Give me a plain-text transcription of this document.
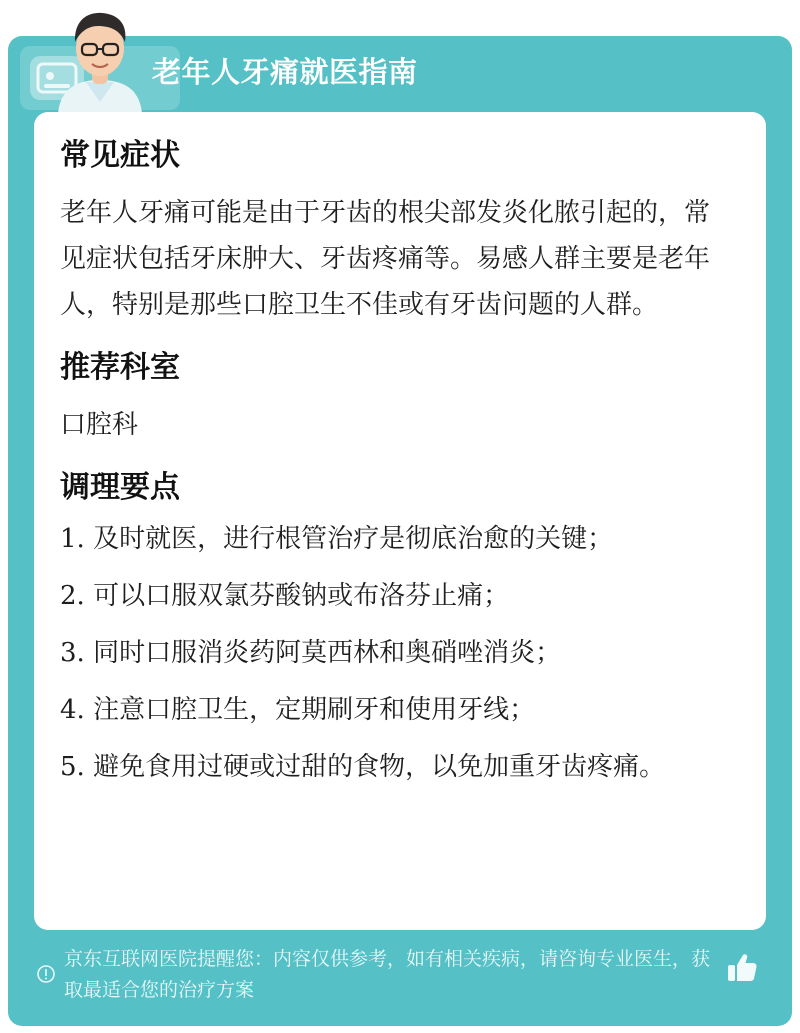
老年人牙痛就医指南
常见症状

老年人牙痛可能是由于牙齿的根尖部发炎化脓引起的，常见症状包括牙床肿大、牙齿疼痛等。易感人群主要是老年人，特别是那些口腔卫生不佳或有牙齿问题的人群。

推荐科室

口腔科

调理要点
1. 及时就医，进行根管治疗是彻底治愈的关键；
2. 可以口服双氯芬酸钠或布洛芬止痛；
3. 同时口服消炎药阿莫西林和奥硝唑消炎；
4. 注意口腔卫生，定期刷牙和使用牙线；
5. 避免食用过硬或过甜的食物，以免加重牙齿疼痛。
京东互联网医院提醒您：内容仅供参考，如有相关疾病，请咨询专业医生，获取最适合您的治疗方案
